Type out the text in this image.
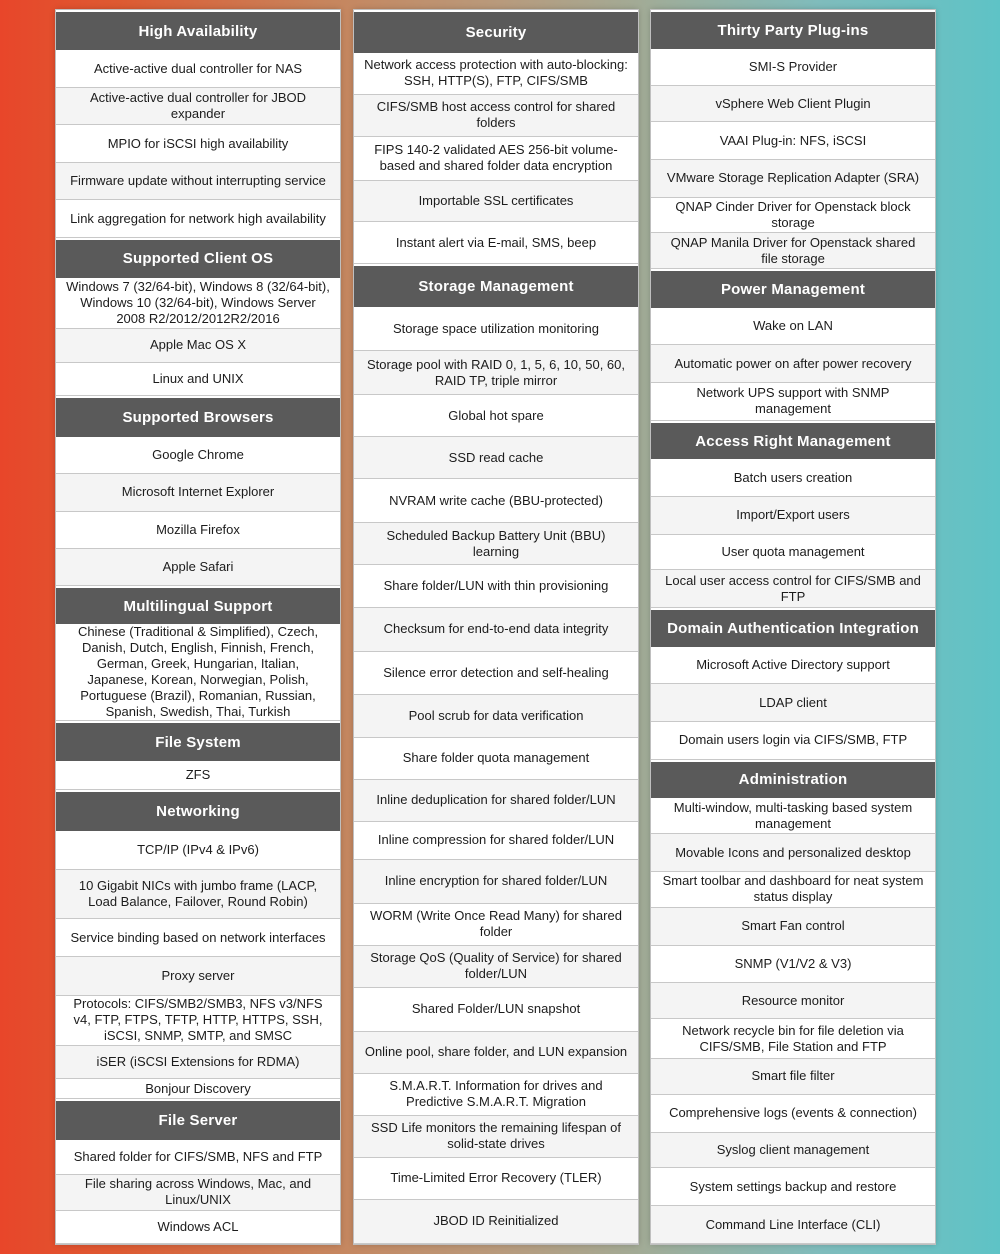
High Availability
Active-active dual controller for NAS
Active-active dual controller for JBOD expander
MPIO for iSCSI high availability
Firmware update without interrupting service
Link aggregation for network high availability
Supported Client OS
Windows 7 (32/64-bit), Windows 8 (32/64-bit), Windows 10 (32/64-bit), Windows Server 2008 R2/2012/2012R2/2016
Apple Mac OS X
Linux and UNIX
Supported Browsers
Google Chrome
Microsoft Internet Explorer
Mozilla Firefox
Apple Safari
Multilingual Support
Chinese (Traditional & Simplified), Czech, Danish, Dutch, English, Finnish, French, German, Greek, Hungarian, Italian, Japanese, Korean, Norwegian, Polish, Portuguese (Brazil), Romanian, Russian, Spanish, Swedish, Thai, Turkish
File System
ZFS
Networking
TCP/IP (IPv4 & IPv6)
10 Gigabit NICs with jumbo frame (LACP, Load Balance, Failover, Round Robin)
Service binding based on network interfaces
Proxy server
Protocols: CIFS/SMB2/SMB3, NFS v3/NFS v4, FTP, FTPS, TFTP, HTTP, HTTPS, SSH, iSCSI, SNMP, SMTP, and SMSC
iSER (iSCSI Extensions for RDMA)
Bonjour Discovery
File Server
Shared folder for CIFS/SMB, NFS and FTP
File sharing across Windows, Mac, and Linux/UNIX
Windows ACL
Security
Network access protection with auto-blocking: SSH, HTTP(S), FTP, CIFS/SMB
CIFS/SMB host access control for shared folders
FIPS 140-2 validated AES 256-bit volume-based and shared folder data encryption
Importable SSL certificates
Instant alert via E-mail, SMS, beep
Storage Management
Storage space utilization monitoring
Storage pool with RAID 0, 1, 5, 6, 10, 50, 60, RAID TP, triple mirror
Global hot spare
SSD read cache
NVRAM write cache (BBU-protected)
Scheduled Backup Battery Unit (BBU) learning
Share folder/LUN with thin provisioning
Checksum for end-to-end data integrity
Silence error detection and self-healing
Pool scrub for data verification
Share folder quota management
Inline deduplication for shared folder/LUN
Inline compression for shared folder/LUN
Inline encryption for shared folder/LUN
WORM (Write Once Read Many) for shared folder
Storage QoS (Quality of Service) for shared folder/LUN
Shared Folder/LUN snapshot
Online pool, share folder, and LUN expansion
S.M.A.R.T. Information for drives and Predictive S.M.A.R.T. Migration
SSD Life monitors the remaining lifespan of solid-state drives
Time-Limited Error Recovery (TLER)
JBOD ID Reinitialized
Thirty Party Plug-ins
SMI-S Provider
vSphere Web Client Plugin
VAAI Plug-in: NFS, iSCSI
VMware Storage Replication Adapter (SRA)
QNAP Cinder Driver for Openstack block storage
QNAP Manila Driver for Openstack shared file storage
Power Management
Wake on LAN
Automatic power on after power recovery
Network UPS support with SNMP management
Access Right Management
Batch users creation
Import/Export users
User quota management
Local user access control for CIFS/SMB and FTP
Domain Authentication Integration
Microsoft Active Directory support
LDAP client
Domain users login via CIFS/SMB, FTP
Administration
Multi-window, multi-tasking based system management
Movable Icons and personalized desktop
Smart toolbar and dashboard for neat system status display
Smart Fan control
SNMP (V1/V2 & V3)
Resource monitor
Network recycle bin for file deletion via CIFS/SMB, File Station and FTP
Smart file filter
Comprehensive logs (events & connection)
Syslog client management
System settings backup and restore
Command Line Interface (CLI)
